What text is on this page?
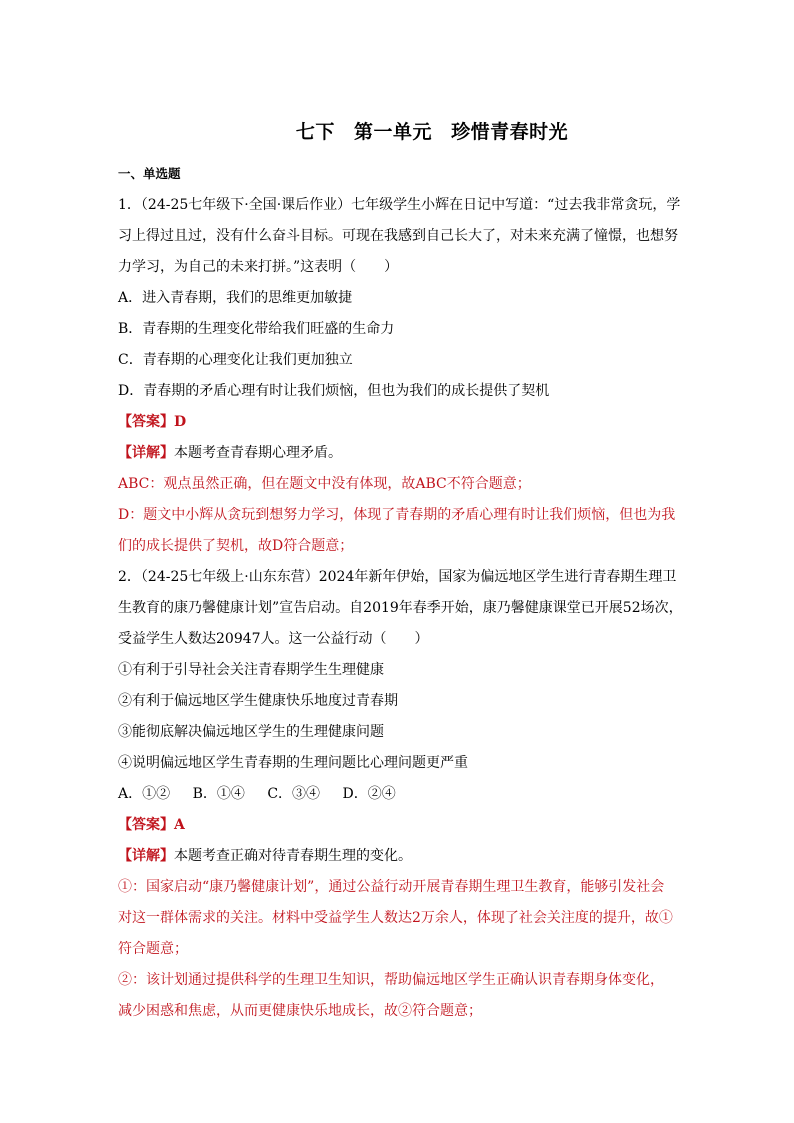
七下 第一单元 珍惜青春时光
一、单选题
1．（24-25七年级下·全国·课后作业）七年级学生小辉在日记中写道：“过去我非常贪玩，学
习上得过且过，没有什么奋斗目标。可现在我感到自己长大了，对未来充满了憧憬，也想努
力学习，为自己的未来打拼。”这表明（　　）
A．进入青春期，我们的思维更加敏捷
B．青春期的生理变化带给我们旺盛的生命力
C．青春期的心理变化让我们更加独立
D．青春期的矛盾心理有时让我们烦恼，但也为我们的成长提供了契机
【答案】D
【详解】本题考查青春期心理矛盾。
ABC：观点虽然正确，但在题文中没有体现，故ABC不符合题意；
D：题文中小辉从贪玩到想努力学习，体现了青春期的矛盾心理有时让我们烦恼，但也为我
们的成长提供了契机，故D符合题意；
2．（24-25七年级上·山东东营）2024年新年伊始，国家为偏远地区学生进行青春期生理卫
生教育的康乃馨健康计划”宣告启动。自2019年春季开始，康乃馨健康课堂已开展52场次，
受益学生人数达20947人。这一公益行动（　　）
①有利于引导社会关注青春期学生生理健康
②有利于偏远地区学生健康快乐地度过青春期
③能彻底解决偏远地区学生的生理健康问题
④说明偏远地区学生青春期的生理问题比心理问题更严重
A．①② B．①④ C．③④ D．②④
【答案】A
【详解】本题考查正确对待青春期生理的变化。
①：国家启动“康乃馨健康计划”，通过公益行动开展青春期生理卫生教育，能够引发社会
对这一群体需求的关注。材料中受益学生人数达2万余人，体现了社会关注度的提升，故①
符合题意；
②：该计划通过提供科学的生理卫生知识，帮助偏远地区学生正确认识青春期身体变化，
减少困惑和焦虑，从而更健康快乐地成长，故②符合题意；
